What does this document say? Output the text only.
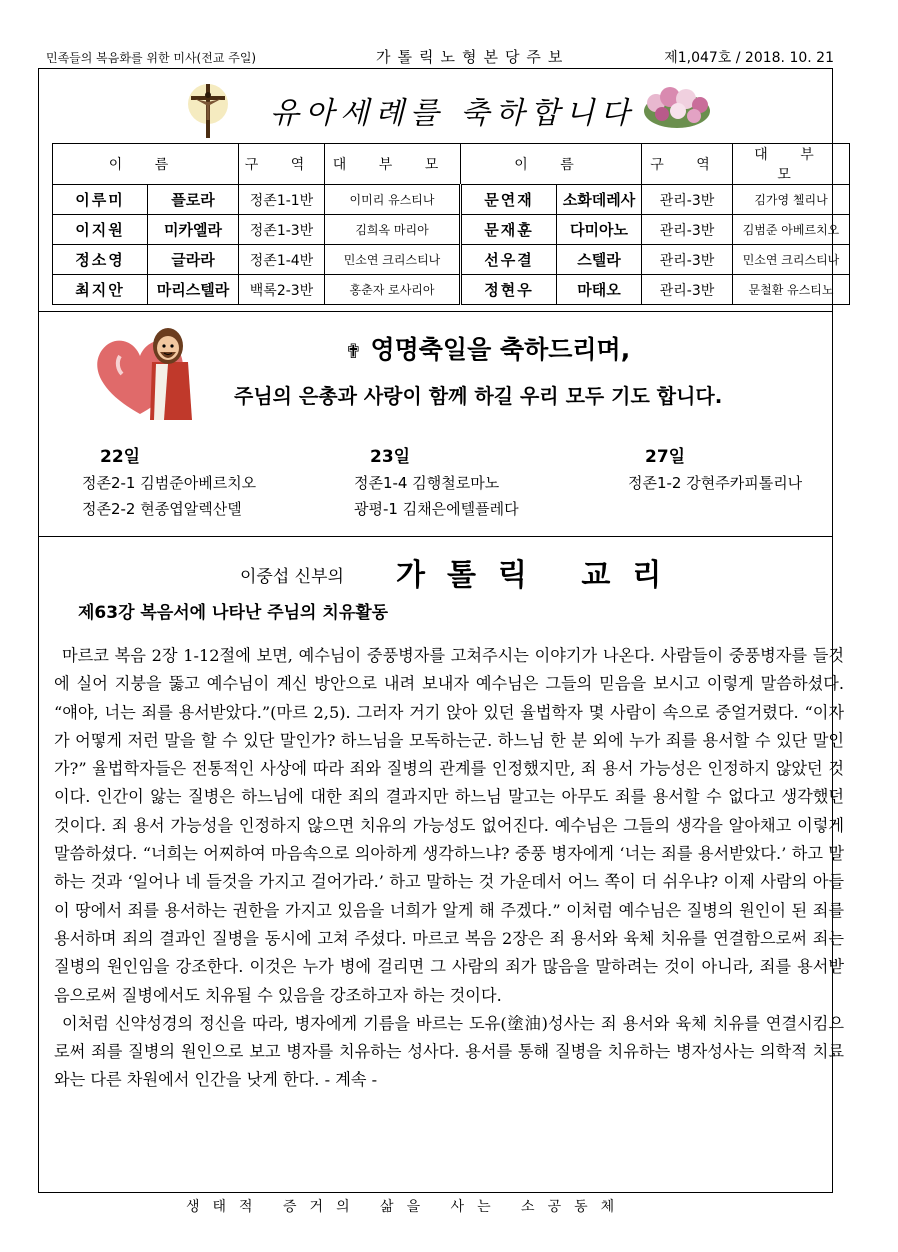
민족들의 복음화를 위한 미사(전교 주일)	가톨릭노형본당주보	제1,047호 / 2018. 10. 21
유아세례를 축하합니다
이 름		구 역	대 부 모	이 름		구 역	대 부 모
이루미	플로라	정존1-1반	이미리 유스티나	문연재	소화데레사	관리-3반	김가영 첼리나
이지원	미카엘라	정존1-3반	김희옥 마리아	문재훈	다미아노	관리-3반	김범준 아베르치오
정소영	글라라	정존1-4반	민소연 크리스티나	선우결	스텔라	관리-3반	민소연 크리스티나
최지안	마리스텔라	백록2-3반	홍춘자 로사리아	정현우	마태오	관리-3반	문철환 유스티노
✟ 영명축일을 축하드리며,
주님의 은총과 사랑이 함께 하길 우리 모두 기도 합니다.
22일
정존2-1 김범준아베르치오
정존2-2 현종엽알렉산델
23일
정존1-4 김행철로마노
광평-1 김채은에텔플레다
27일
정존1-2 강현주카피톨리나
이중섭 신부의 가톨릭 교리
제63강 복음서에 나타난 주님의 치유활동

마르코 복음 2장 1-12절에 보면, 예수님이 중풍병자를 고쳐주시는 이야기가 나온다. 사람들이 중풍병자를 들것에 실어 지붕을 뚫고 예수님이 계신 방안으로 내려 보내자 예수님은 그들의 믿음을 보시고 이렇게 말씀하셨다. “얘야, 너는 죄를 용서받았다.”(마르 2,5). 그러자 거기 앉아 있던 율법학자 몇 사람이 속으로 중얼거렸다. “이자가 어떻게 저런 말을 할 수 있단 말인가? 하느님을 모독하는군. 하느님 한 분 외에 누가 죄를 용서할 수 있단 말인가?” 율법학자들은 전통적인 사상에 따라 죄와 질병의 관계를 인정했지만, 죄 용서 가능성은 인정하지 않았던 것이다. 인간이 앓는 질병은 하느님에 대한 죄의 결과지만 하느님 말고는 아무도 죄를 용서할 수 없다고 생각했던 것이다. 죄 용서 가능성을 인정하지 않으면 치유의 가능성도 없어진다. 예수님은 그들의 생각을 알아채고 이렇게 말씀하셨다. “너희는 어찌하여 마음속으로 의아하게 생각하느냐? 중풍 병자에게 ‘너는 죄를 용서받았다.’ 하고 말하는 것과 ‘일어나 네 들것을 가지고 걸어가라.’ 하고 말하는 것 가운데서 어느 쪽이 더 쉬우냐? 이제 사람의 아들이 땅에서 죄를 용서하는 권한을 가지고 있음을 너희가 알게 해 주겠다.” 이처럼 예수님은 질병의 원인이 된 죄를 용서하며 죄의 결과인 질병을 동시에 고쳐 주셨다. 마르코 복음 2장은 죄 용서와 육체 치유를 연결함으로써 죄는 질병의 원인임을 강조한다. 이것은 누가 병에 걸리면 그 사람의 죄가 많음을 말하려는 것이 아니라, 죄를 용서받음으로써 질병에서도 치유될 수 있음을 강조하고자 하는 것이다.

이처럼 신약성경의 정신을 따라, 병자에게 기름을 바르는 도유(塗油)성사는 죄 용서와 육체 치유를 연결시킴으로써 죄를 질병의 원인으로 보고 병자를 치유하는 성사다. 용서를 통해 질병을 치유하는 병자성사는 의학적 치료와는 다른 차원에서 인간을 낫게 한다. - 계속 -

생태적 증거의 삶을 사는 소공동체
